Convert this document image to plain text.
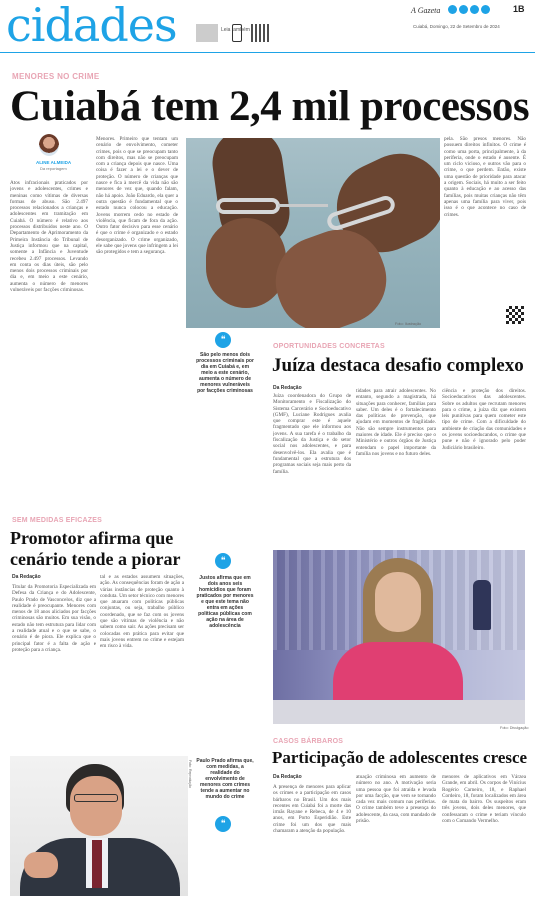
cidades	Leia também
A Gazeta	1B
Cuiabá, Domingo, 22 de Setembro de 2024
MENORES NO CRIME
Cuiabá tem 2,4 mil processos
ALINE ALMEIDA
Da reportagem
Atos infracionais praticados por jovens e adolescentes, crimes e meninas como vítimas de diversas formas de abuso. São 2.497 processos relacionados a crianças e adolescentes em tramitação em Cuiabá. O número é relativo aos processos distribuídos neste ano. O Departamento de Aprimoramento da Primeira Instância do Tribunal de Justiça informou que na capital, somente a Infância e Juventude recebeu 2.497 processos. Levando em conta os dias úteis, são pelo menos dois processos criminais por dia e, em meio a este cenário, aumenta o número de menores vulneráveis por facções criminosas.
Menores. Primeiro que tentam um cenário de envolvimento, cometer crimes, pois o que se preocupam tanto com direitos, mas não se preocupam com a criança depois que nasce. Uma coisa é fazer a lei e o dever de proteção. O número de crianças que nasce e fica à mercê da vida não são menores de vez que, quando falam, não há apoio. João Eduardo, ela quer a outra questão é fundamental que o estado nunca colocou a educação. Jovens morrem cedo no estado de violência, que ficam de fora da ação. Outro fator decisivo para esse cenário é que o crime é organizado e o estado desorganizado. O crime organizado, ele sabe que jovens que infringem a lei são protegidos e tem a segurança.
Foto: Ilustração
pela. São presos menores. Não possuem direitos infinitos. O crime é como uma porta, principalmente, à da periferia, onde o estado é ausente. É um ciclo vicioso, e outros vão para o crime, o que perdem. Então, existe uma questão de prioridade para atacar a origem. Sociais, há muito a ser feito quanto à educação e ao acesso das famílias, pois muitas crianças não têm apenas uma família para viver, pois isso é o que acontece no caso de crimes.
❝
São pelo menos dois processos criminais por dia em Cuiabá e, em meio a este cenário, aumenta o número de menores vulneráveis por facções criminosas
OPORTUNIDADES CONCRETAS
Juíza destaca desafio complexo
Da Redação
Juíza coordenadora do Grupo de Monitoramento e Fiscalização do Sistema Carcerário e Socioeducativo (GMF), Luciane Rodrigues avalia que comprar este é aquele fragmentado que ele informou aos jovens. A sua tarefa é o trabalho da fiscalização da Justiça e do setor social nos adolescentes, e para desenvolvê-los. Ela avalia que é fundamental que a estrutura dos programas sociais seja mais perto da família.
tidades para atrair adolescentes. No entanto, segundo a magistrada, há situações para conhecer, famílias para saber. Um deles é o fortalecimento das políticas de prevenção, que ajudam em momentos de fragilidade. Não são sempre instrumentos para maiores de idade. Ele é preciso que o Ministério e outros órgãos de Justiça entendam o papel importante da família nos jovens e no futuro deles.
ciência e proteção dos direitos. Socioeducativos das adolescentes. Sobre os adultos que recrutam menores para o crime, a juíza diz que existem leis punitivas para quem cometer este tipo de crime. Com a dificuldade do ambiente de criação das comunidades e os jovens socioeducandos, o crime que pune e não é ignorado pelo poder Judiciário brasileiro.
SEM MEDIDAS EFICAZES
Promotor afirma que cenário tende a piorar
Da Redação
Titular da Promotoria Especializada em Defesa da Criança e do Adolescente, Paulo Prado de Vasconcelos, diz que a realidade é preocupante. Menores com menos de 18 anos aliciados por facções criminosas são muitos. Em sua visão, o estado não tem estrutura para lidar com a realidade atual e o que se sabe, o cenário é de piora. Ele explica que o principal fator é a falta de ação e proteção para a criança.
tal e as estados assumem situações, ação. As consequências foram de ação a várias instâncias de proteção quanto à conduta. Um setor técnico com menores que atuaram com políticas públicas conjuntas, ou seja, trabalho público coordenado, que se faz com os jovens que são vítimas de violência e não sabem como sair. As ações precisam ser colocadas em prática para evitar que mais jovens entrem no crime e estejam em risco à vida.
❝
Justos afirma que em dois anos seis homicídios que foram praticados por menores e que este tema não entra em ações políticas públicas com ação na área de adolescência
Foto: Divulgação
Foto: Reprodução Paulo Prado afirma que, com medidas, a realidade do envolvimento de menores com crimes tende a aumentar no mundo do crime
❝
CASOS BÁRBAROS
Participação de adolescentes cresce
Da Redação
A presença de menores para aplicar os crimes e a participação em casos bárbaros no Brasil. Um dos mais recentes em Cuiabá foi a morte das irmãs Rayane e Rebeca, de 4 e 10 anos, em Porto Esperidião. Este crime foi um dos que mais chamaram a atenção da população.
atuação criminosa em aumento de número no ano. A motivação seria uma pessoa que foi atraída e levada por uma facção, que vem se tornando cada vez mais comum nas periferias. O crime também teve a presença do adolescente, da casa, com mandado de prisão.
menores de aplicativos em Várzea Grande, em abril. Os corpos de Vinícius Rogério Carneiro, 18, e Raphael Cordeiro, 18, foram localizados em área de mata do bairro. Os suspeitos eram três jovens, dois deles menores, que confessaram o crime e teriam vínculo com o Comando Vermelho.
